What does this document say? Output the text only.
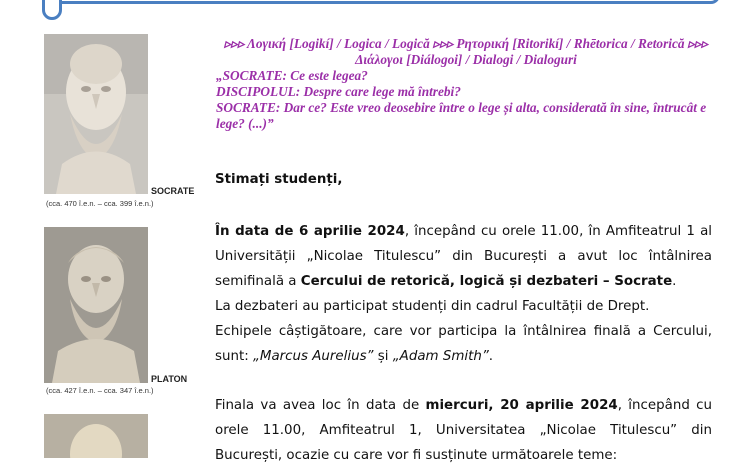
SOCRATE
(cca. 470 î.e.n. – cca. 399 î.e.n.)
PLATON
(cca. 427 î.e.n. – cca. 347 î.e.n.)

▹▹▹ Λογική [Logikí] / Logica / Logică ▹▹▹ Ρητορική [Ritorikí] / Rhētorica / Retorică ▹▹▹ Διάλογοι [Diálogoi] / Dialogi / Dialoguri

„SOCRATE: Ce este legea?

DISCIPOLUL: Despre care lege mă întrebi?

SOCRATE: Dar ce? Este vreo deosebire între o lege și alta, considerată în sine, întrucât e lege? (...)”

Stimați studenți,

În data de 6 aprilie 2024, începând cu orele 11.00, în Amfiteatrul 1 al Universității „Nicolae Titulescu” din București a avut loc întâlnirea semifinală a Cercului de retorică, logică și dezbateri – Socrate.

La dezbateri au participat studenți din cadrul Facultății de Drept.

Echipele câștigătoare, care vor participa la întâlnirea finală a Cercului, sunt: „Marcus Aurelius” și „Adam Smith”.

Finala va avea loc în data de miercuri, 20 aprilie 2024, începând cu orele 11.00, Amfiteatrul 1, Universitatea „Nicolae Titulescu” din București, ocazie cu care vor fi susținute următoarele teme:
